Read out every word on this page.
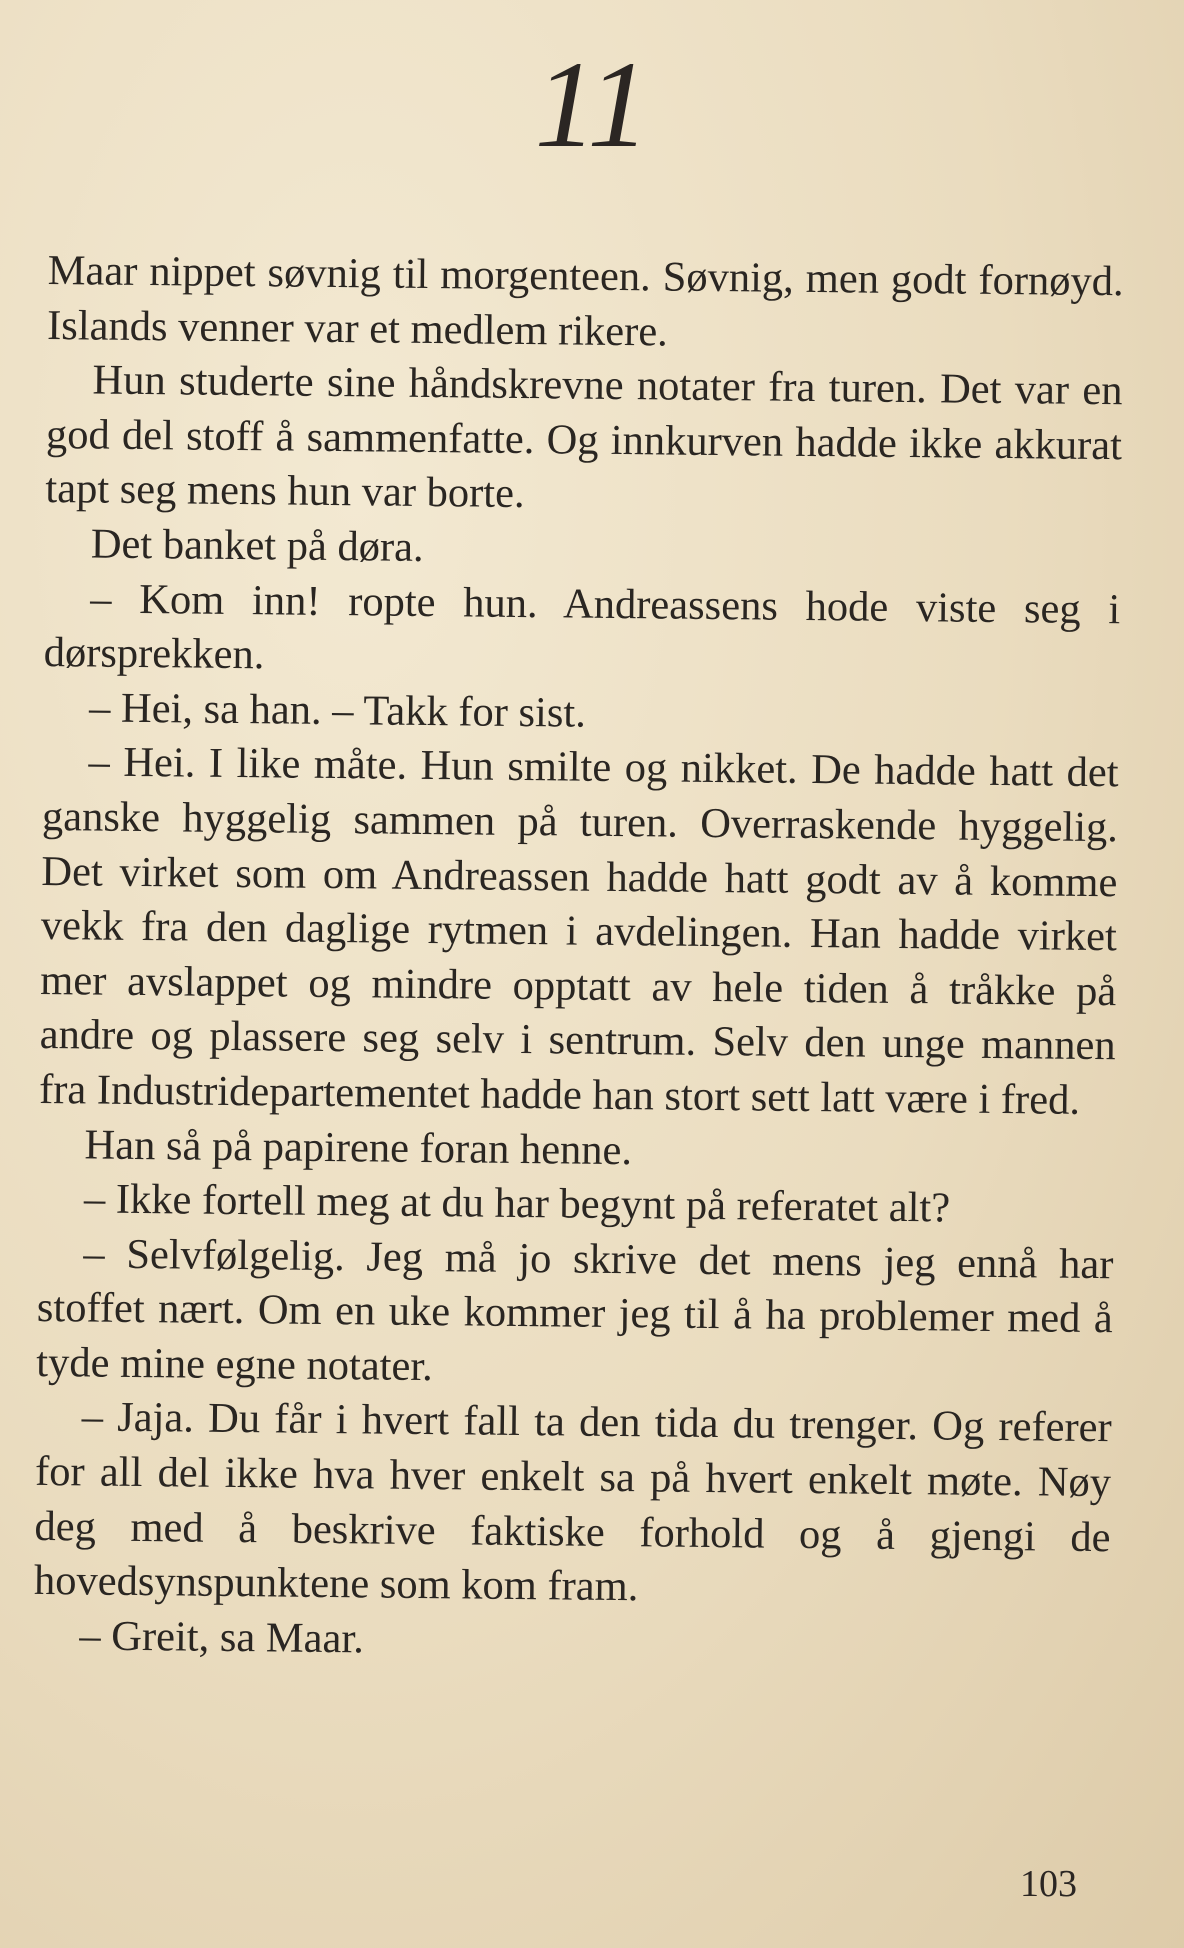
11

Maar nippet søvnig til morgenteen. Søvnig, men godt fornøyd. Islands venner var et medlem rikere.

Hun studerte sine håndskrevne notater fra turen. Det var en god del stoff å sammenfatte. Og innkurven hadde ikke akkurat tapt seg mens hun var borte.

Det banket på døra.

– Kom inn! ropte hun. Andreassens hode viste seg i dørsprekken.

– Hei, sa han. – Takk for sist.

– Hei. I like måte. Hun smilte og nikket. De hadde hatt det ganske hyggelig sammen på turen. Overraskende hyggelig. Det virket som om Andreassen hadde hatt godt av å komme vekk fra den daglige rytmen i avdelingen. Han hadde virket mer avslappet og mindre opptatt av hele tiden å tråkke på andre og plassere seg selv i sentrum. Selv den unge mannen fra Industridepartementet hadde han stort sett latt være i fred.

Han så på papirene foran henne.

– Ikke fortell meg at du har begynt på referatet alt?

– Selvfølgelig. Jeg må jo skrive det mens jeg ennå har stoffet nært. Om en uke kommer jeg til å ha problemer med å tyde mine egne notater.

– Jaja. Du får i hvert fall ta den tida du trenger. Og referer for all del ikke hva hver enkelt sa på hvert enkelt møte. Nøy deg med å beskrive faktiske forhold og å gjengi de hovedsynspunktene som kom fram.

– Greit, sa Maar.

103
